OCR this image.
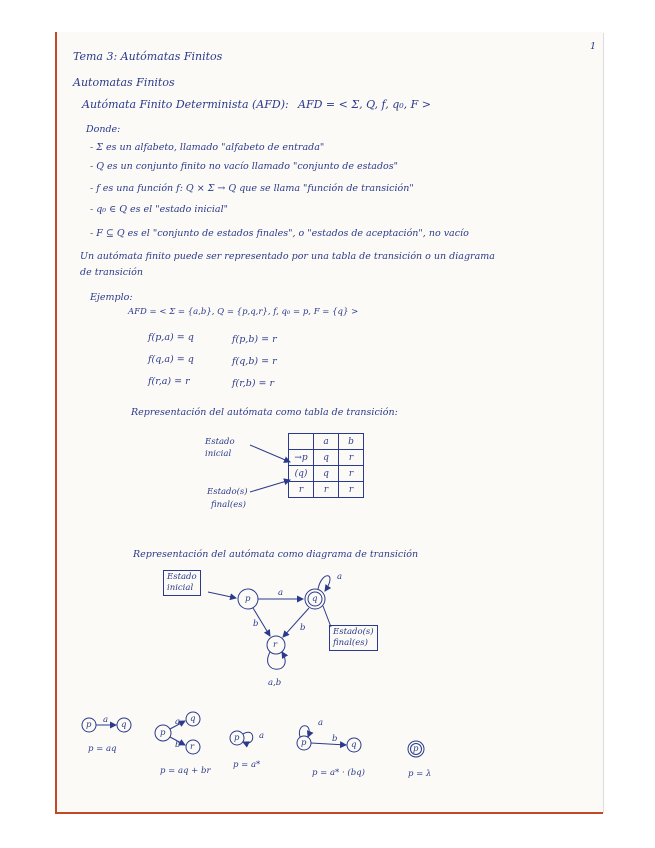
1
Tema 3: Autómatas Finitos
Automatas Finitos
Autómata Finito Determinista (AFD): AFD = < Σ, Q, f, q₀, F >
Donde:
- Σ es un alfabeto, llamado "alfabeto de entrada"
- Q es un conjunto finito no vacío llamado "conjunto de estados"
- f es una función f: Q × Σ → Q que se llama "función de transición"
- q₀ ∈ Q es el "estado inicial"
- F ⊆ Q es el "conjunto de estados finales", o "estados de aceptación", no vacío
Un autómata finito puede ser representado por una tabla de transición o un diagrama
de transición
Ejemplo:
AFD = < Σ = {a,b}, Q = {p,q,r}, f, q₀ = p, F = {q} >
f(p,a) = q
f(q,a) = q
f(r,a) = r
f(p,b) = r
f(q,b) = r
f(r,b) = r
Representación del autómata como tabla de transición:
Estado
inicial
Estado(s)
final(es)
	a	b
→p	q	r
(q)	q	r
r	r	r
Representación del autómata como diagrama de transición
Estado
inicial
Estado(s)
final(es)
p	q
r
a
a
b	b
a,b
p	q
a
p = aq
p
q
r
a
b
p = aq + br
p a
p = a*
p	q
a
b
p = a* · (bq)
p
p = λ
